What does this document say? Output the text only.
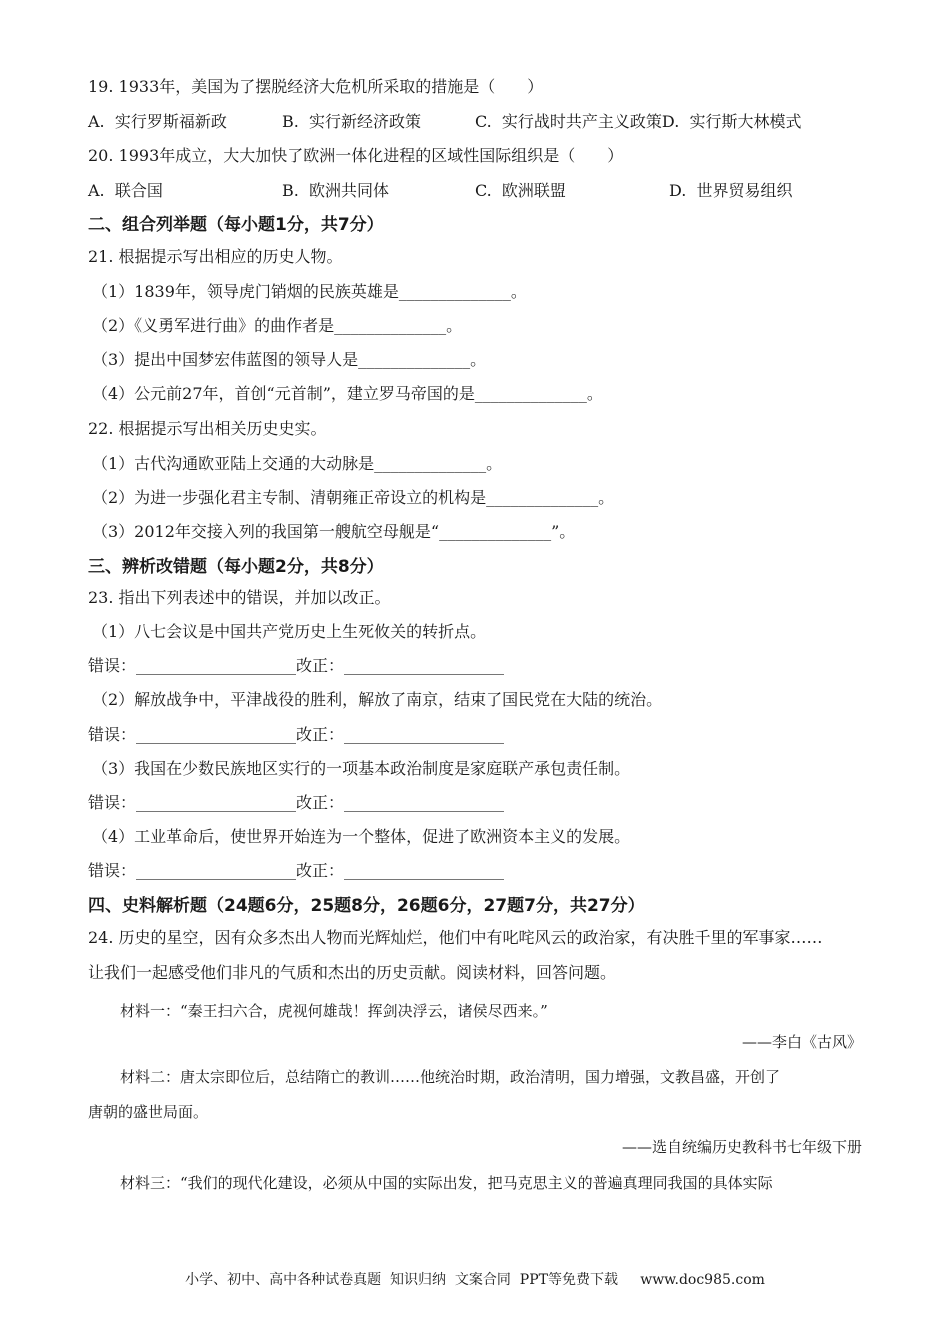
19. 1933年，美国为了摆脱经济大危机所采取的措施是（　　）
A.  实行罗斯福新政	B.  实行新经济政策	C.  实行战时共产主义政策D.  实行斯大林模式
20. 1993年成立，大大加快了欧洲一体化进程的区域性国际组织是（　　）
A.  联合国	B.  欧洲共同体	C.  欧洲联盟	D.  世界贸易组织
二、组合列举题（每小题1分，共7分）
21. 根据提示写出相应的历史人物。
（1）1839年，领导虎门销烟的民族英雄是______________。
（2）《义勇军进行曲》的曲作者是______________。
（3）提出中国梦宏伟蓝图的领导人是______________。
（4）公元前27年，首创“元首制”，建立罗马帝国的是______________。
22. 根据提示写出相关历史史实。
（1）古代沟通欧亚陆上交通的大动脉是______________。
（2）为进一步强化君主专制、清朝雍正帝设立的机构是______________。
（3）2012年交接入列的我国第一艘航空母舰是“______________”。
三、辨析改错题（每小题2分，共8分）
23. 指出下列表述中的错误，并加以改正。
（1）八七会议是中国共产党历史上生死攸关的转折点。
错误：____________________改正：____________________
（2）解放战争中，平津战役的胜利，解放了南京，结束了国民党在大陆的统治。
错误：____________________改正：____________________
（3）我国在少数民族地区实行的一项基本政治制度是家庭联产承包责任制。
错误：____________________改正：____________________
（4）工业革命后，使世界开始连为一个整体，促进了欧洲资本主义的发展。
错误：____________________改正：____________________
四、史料解析题（24题6分，25题8分，26题6分，27题7分，共27分）
24. 历史的星空，因有众多杰出人物而光辉灿烂，他们中有叱咤风云的政治家，有决胜千里的军事家……
让我们一起感受他们非凡的气质和杰出的历史贡献。阅读材料，回答问题。
材料一：“秦王扫六合，虎视何雄哉！挥剑决浮云，诸侯尽西来。”
——李白《古风》
材料二：唐太宗即位后，总结隋亡的教训……他统治时期，政治清明，国力增强，文教昌盛，开创了
唐朝的盛世局面。
——选自统编历史教科书七年级下册
材料三：“我们的现代化建设，必须从中国的实际出发，把马克思主义的普遍真理同我国的具体实际
小学、初中、高中各种试卷真题  知识归纳  文案合同  PPT等免费下载     www.doc985.com
